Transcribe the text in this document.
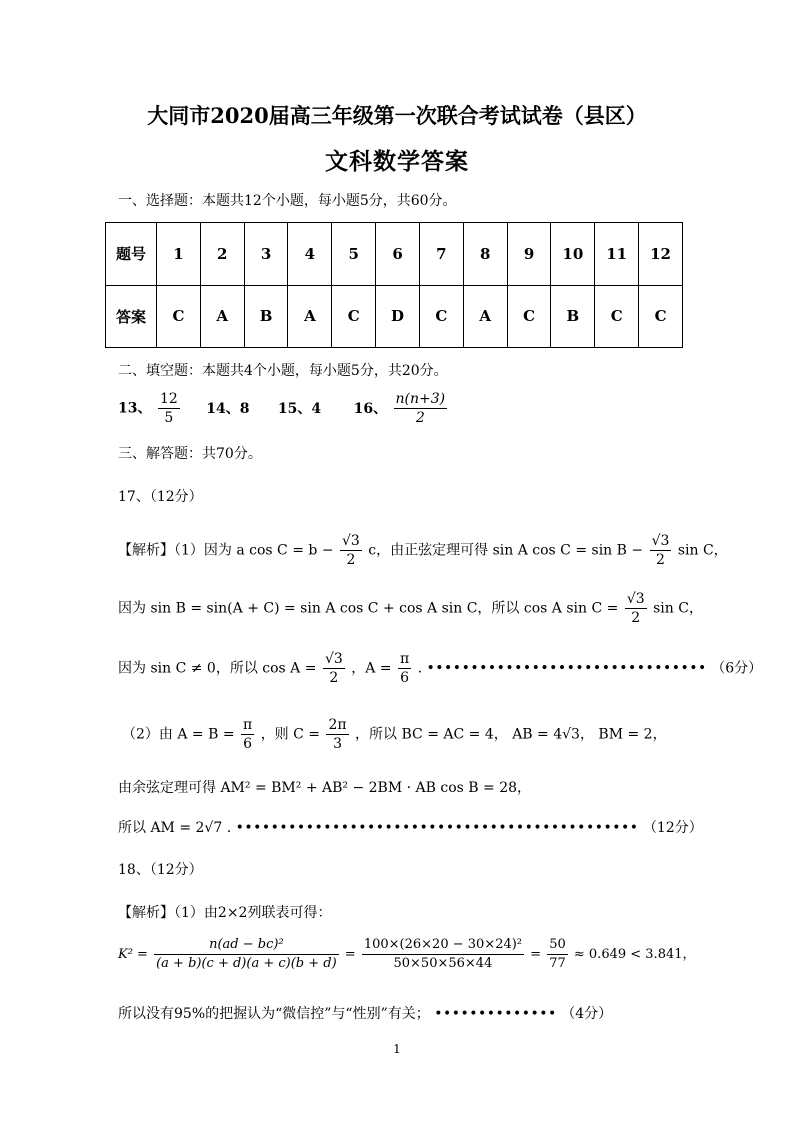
大同市2020届高三年级第一次联合考试试卷（县区）
文科数学答案
一、选择题：本题共12个小题，每小题5分，共60分。
题号	1	2	3	4	5	6	7	8	9	10	11	12
答案	C	A	B	A	C	D	C	A	C	B	C	C
二、填空题：本题共4个小题，每小题5分，共20分。
13、 $\frac{12}{5} 14$、8 15、4 16、 $\frac{n(n+3)}{2}$
三、解答题：共70分。
17、（12分）
【解析】（1）因为 a $\cos C = b - \frac{√3}{2}$ c，由正弦定理可得 sin A $\cos C = \sin B - \frac{√3}{2}$ sin C，
因为 sin B = sin(A + C) = sin A cos C + cos A sin C，所以 cos A $\sin C = \frac{√3}{2}$ sin C，
因为 sin C ≠ 0，所以 $\cos A = \frac{√3}{2}$ ，$A = \frac{\pi}{6}$ . •••••••••••••••••••••••••••••••• （6分）
（2）由 $A = B = \frac{\pi}{6}$ ，则 $C = \frac{2\pi}{3}$ ，所以 BC = AC = 4， AB = 4√3， BM = 2，
由余弦定理可得 AM² = BM² + AB² − 2BM · AB cos B = 28，
所以 AM = 2√7 . •••••••••••••••••••••••••••••••••••••••••••••• （12分）
18、（12分）
【解析】（1）由2×2列联表可得：
$K^2 = \frac{\text{n(ad − bc)²}}{(a + b)(c + d)(a + c)(b + d)} = \frac{\text{100×(26×20 − 30×24)²}}{50\times 50\times 56\times 44} = \frac{50}{77} \approx 0.649 < 3.841$，
所以没有95%的把握认为“微信控”与“性别”有关； •••••••••••••• （4分）
1
